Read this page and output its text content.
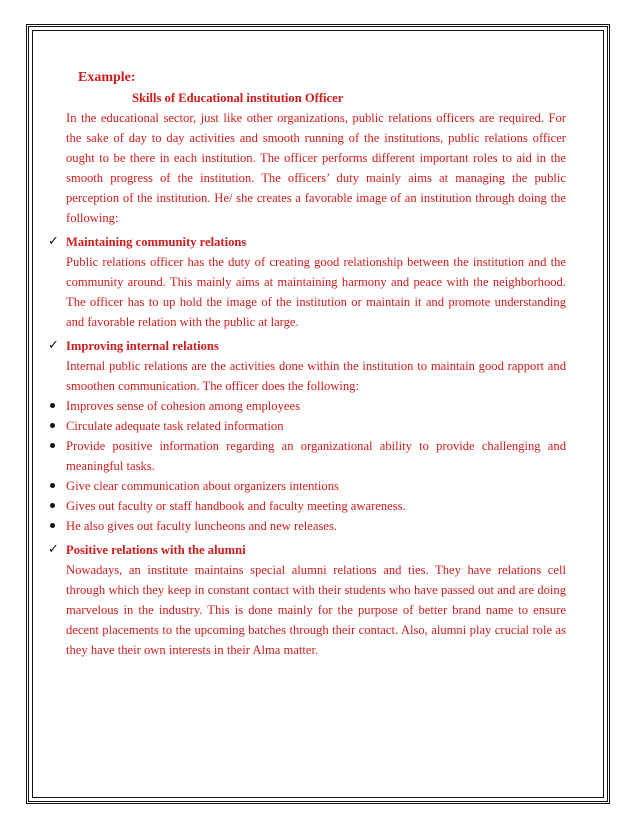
Example:
Skills of Educational institution Officer
In the educational sector, just like other organizations, public relations officers are required. For the sake of day to day activities and smooth running of the institutions, public relations officer ought to be there in each institution. The officer performs different important roles to aid in the smooth progress of the institution. The officers’ duty mainly aims at managing the public perception of the institution. He/ she creates a favorable image of an institution through doing the following:
✓ Maintaining community relations
Public relations officer has the duty of creating good relationship between the institution and the community around. This mainly aims at maintaining harmony and peace with the neighborhood. The officer has to up hold the image of the institution or maintain it and promote understanding and favorable relation with the public at large.
✓ Improving internal relations
Internal public relations are the activities done within the institution to maintain good rapport and smoothen communication. The officer does the following:
Improves sense of cohesion among employees
Circulate adequate task related information
Provide positive information regarding an organizational ability to provide challenging and meaningful tasks.
Give clear communication about organizers intentions
Gives out faculty or staff handbook and faculty meeting awareness.
He also gives out faculty luncheons and new releases.
✓ Positive relations with the alumni
Nowadays, an institute maintains special alumni relations and ties. They have relations cell through which they keep in constant contact with their students who have passed out and are doing marvelous in the industry. This is done mainly for the purpose of better brand name to ensure decent placements to the upcoming batches through their contact. Also, alumni play crucial role as they have their own interests in their Alma matter.
